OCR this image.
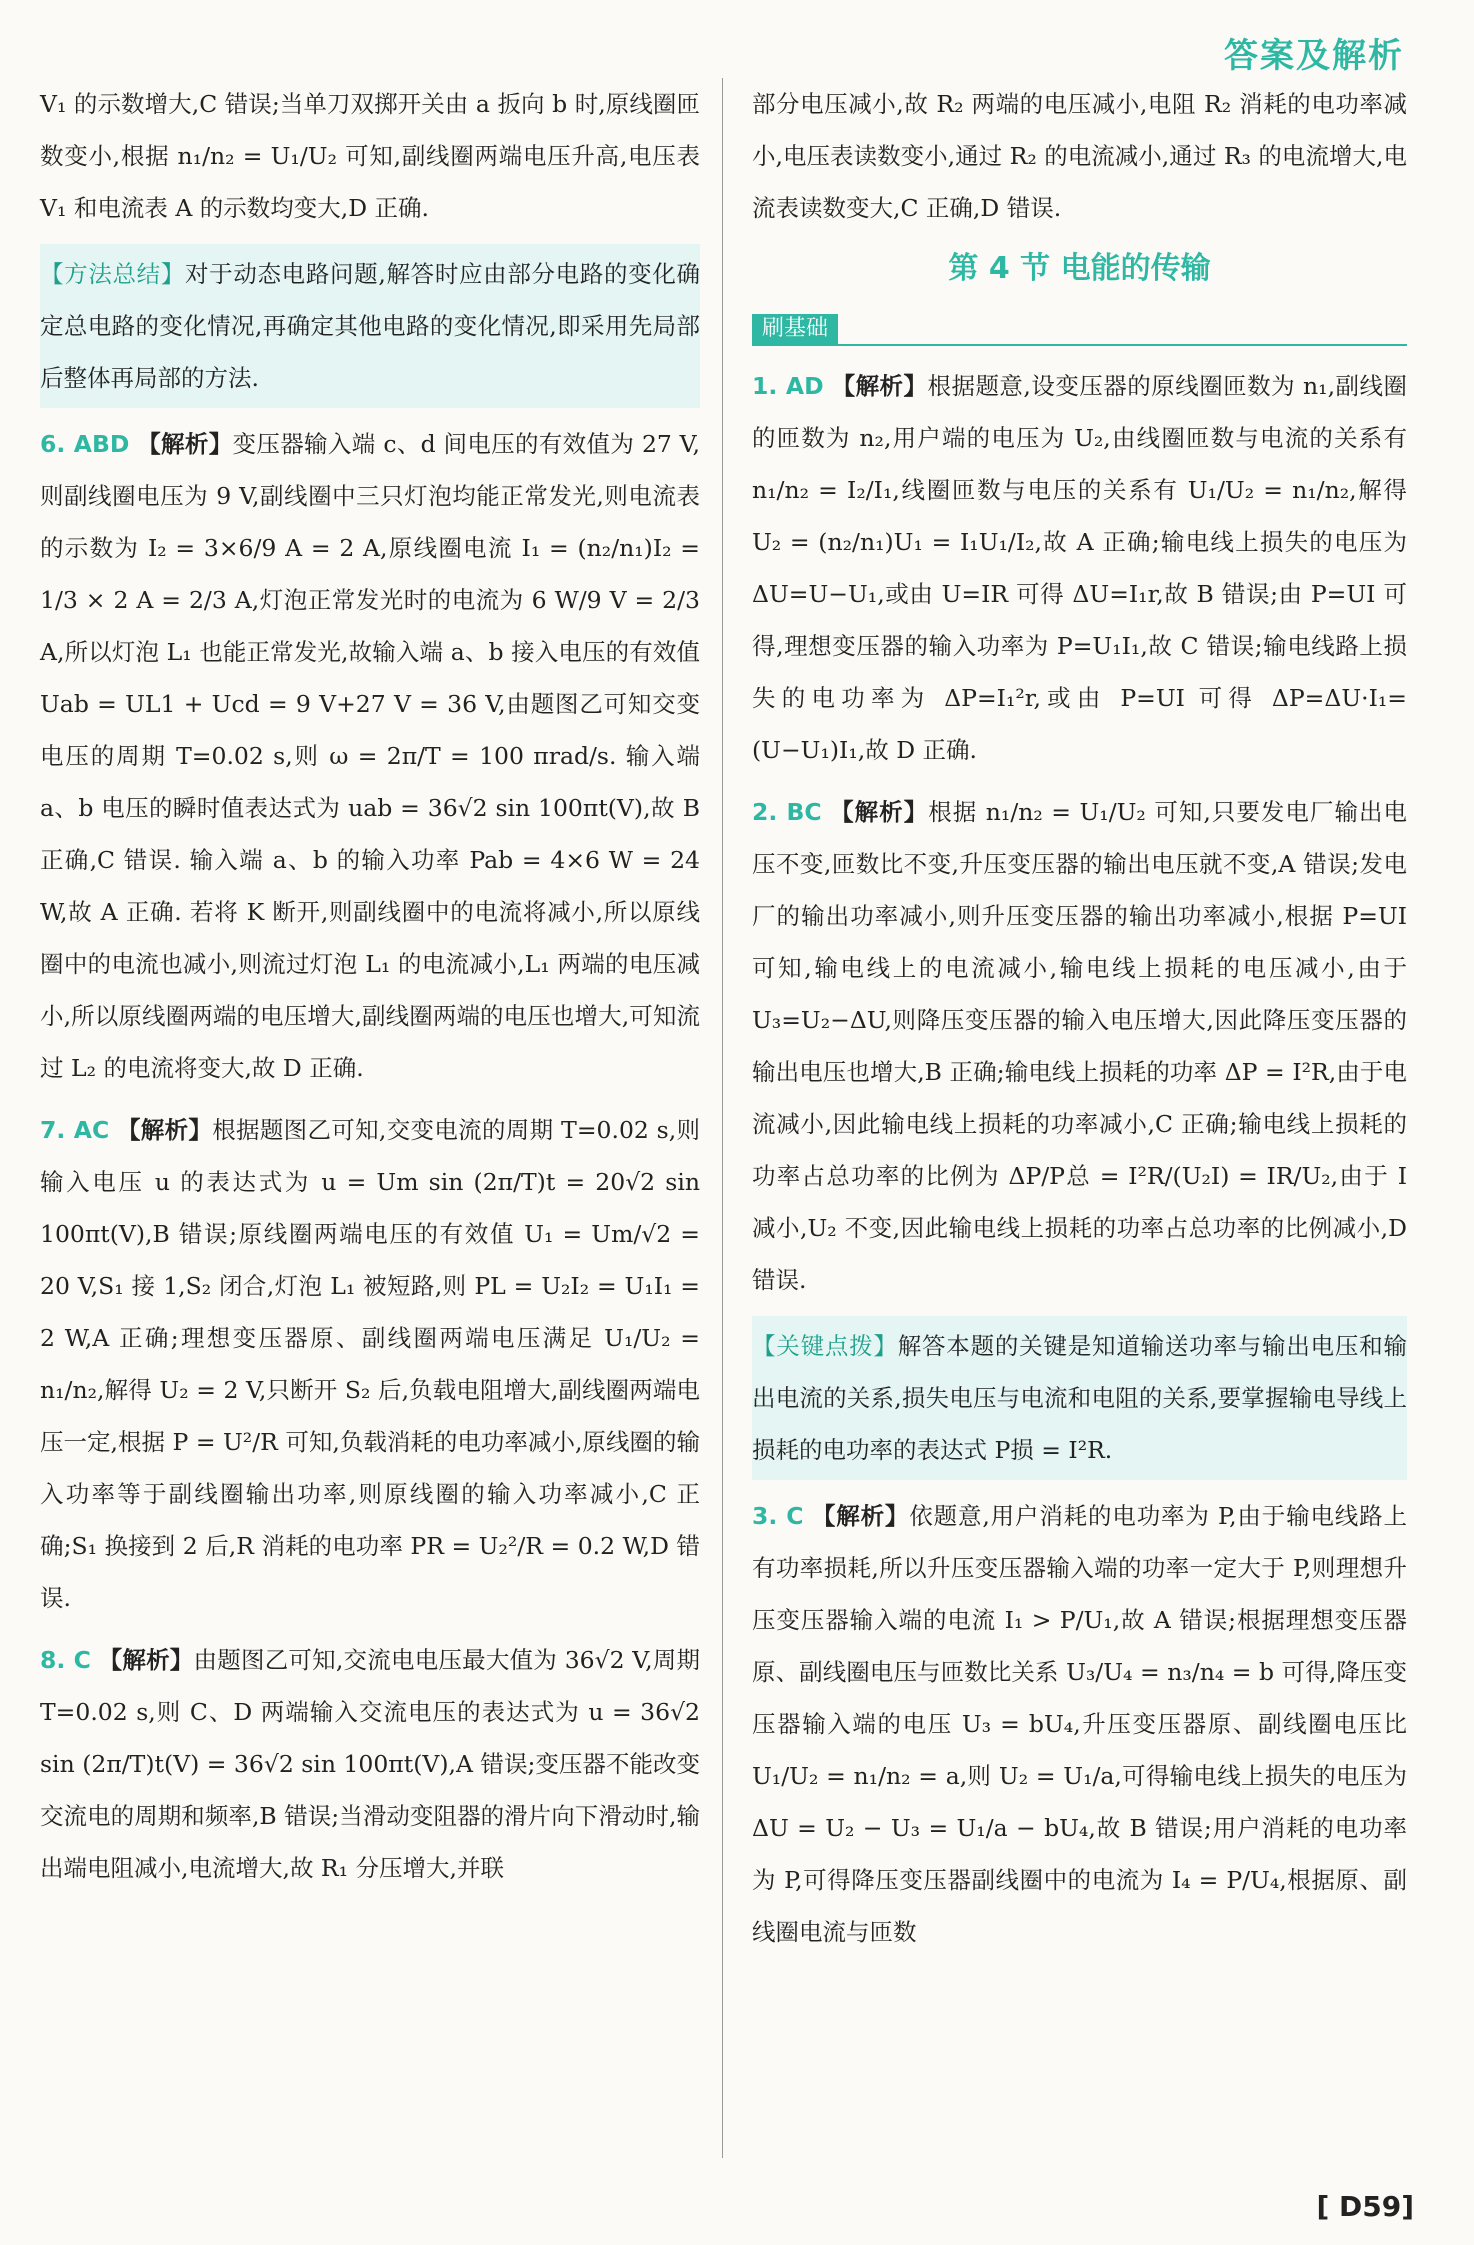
答案及解析

V₁ 的示数增大,C 错误;当单刀双掷开关由 a 扳向 b 时,原线圈匝数变小,根据 n₁/n₂ = U₁/U₂ 可知,副线圈两端电压升高,电压表 V₁ 和电流表 A 的示数均变大,D 正确.

【方法总结】对于动态电路问题,解答时应由部分电路的变化确定总电路的变化情况,再确定其他电路的变化情况,即采用先局部后整体再局部的方法.

6. ABD 【解析】变压器输入端 c、d 间电压的有效值为 27 V,则副线圈电压为 9 V,副线圈中三只灯泡均能正常发光,则电流表的示数为 I₂ = 3×6/9 A = 2 A,原线圈电流 I₁ = (n₂/n₁)I₂ = 1/3 × 2 A = 2/3 A,灯泡正常发光时的电流为 6 W/9 V = 2/3 A,所以灯泡 L₁ 也能正常发光,故输入端 a、b 接入电压的有效值 Uab = UL1 + Ucd = 9 V+27 V = 36 V,由题图乙可知交变电压的周期 T=0.02 s,则 ω = 2π/T = 100 πrad/s. 输入端 a、b 电压的瞬时值表达式为 uab = 36√2 sin 100πt(V),故 B 正确,C 错误. 输入端 a、b 的输入功率 Pab = 4×6 W = 24 W,故 A 正确. 若将 K 断开,则副线圈中的电流将减小,所以原线圈中的电流也减小,则流过灯泡 L₁ 的电流减小,L₁ 两端的电压减小,所以原线圈两端的电压增大,副线圈两端的电压也增大,可知流过 L₂ 的电流将变大,故 D 正确.

7. AC 【解析】根据题图乙可知,交变电流的周期 T=0.02 s,则输入电压 u 的表达式为 u = Um sin (2π/T)t = 20√2 sin 100πt(V),B 错误;原线圈两端电压的有效值 U₁ = Um/√2 = 20 V,S₁ 接 1,S₂ 闭合,灯泡 L₁ 被短路,则 PL = U₂I₂ = U₁I₁ = 2 W,A 正确;理想变压器原、副线圈两端电压满足 U₁/U₂ = n₁/n₂,解得 U₂ = 2 V,只断开 S₂ 后,负载电阻增大,副线圈两端电压一定,根据 P = U²/R 可知,负载消耗的电功率减小,原线圈的输入功率等于副线圈输出功率,则原线圈的输入功率减小,C 正确;S₁ 换接到 2 后,R 消耗的电功率 PR = U₂²/R = 0.2 W,D 错误.

8. C 【解析】由题图乙可知,交流电电压最大值为 36√2 V,周期 T=0.02 s,则 C、D 两端输入交流电压的表达式为 u = 36√2 sin (2π/T)t(V) = 36√2 sin 100πt(V),A 错误;变压器不能改变交流电的周期和频率,B 错误;当滑动变阻器的滑片向下滑动时,输出端电阻减小,电流增大,故 R₁ 分压增大,并联

部分电压减小,故 R₂ 两端的电压减小,电阻 R₂ 消耗的电功率减小,电压表读数变小,通过 R₂ 的电流减小,通过 R₃ 的电流增大,电流表读数变大,C 正确,D 错误.

第 4 节 电能的传输
刷基础

1. AD 【解析】根据题意,设变压器的原线圈匝数为 n₁,副线圈的匝数为 n₂,用户端的电压为 U₂,由线圈匝数与电流的关系有 n₁/n₂ = I₂/I₁,线圈匝数与电压的关系有 U₁/U₂ = n₁/n₂,解得 U₂ = (n₂/n₁)U₁ = I₁U₁/I₂,故 A 正确;输电线上损失的电压为 ΔU=U−U₁,或由 U=IR 可得 ΔU=I₁r,故 B 错误;由 P=UI 可得,理想变压器的输入功率为 P=U₁I₁,故 C 错误;输电线路上损失的电功率为 ΔP=I₁²r,或由 P=UI 可得 ΔP=ΔU·I₁=(U−U₁)I₁,故 D 正确.

2. BC 【解析】根据 n₁/n₂ = U₁/U₂ 可知,只要发电厂输出电压不变,匝数比不变,升压变压器的输出电压就不变,A 错误;发电厂的输出功率减小,则升压变压器的输出功率减小,根据 P=UI 可知,输电线上的电流减小,输电线上损耗的电压减小,由于 U₃=U₂−ΔU,则降压变压器的输入电压增大,因此降压变压器的输出电压也增大,B 正确;输电线上损耗的功率 ΔP = I²R,由于电流减小,因此输电线上损耗的功率减小,C 正确;输电线上损耗的功率占总功率的比例为 ΔP/P总 = I²R/(U₂I) = IR/U₂,由于 I 减小,U₂ 不变,因此输电线上损耗的功率占总功率的比例减小,D 错误.

【关键点拨】解答本题的关键是知道输送功率与输出电压和输出电流的关系,损失电压与电流和电阻的关系,要掌握输电导线上损耗的电功率的表达式 P损 = I²R.

3. C 【解析】依题意,用户消耗的电功率为 P,由于输电线路上有功率损耗,所以升压变压器输入端的功率一定大于 P,则理想升压变压器输入端的电流 I₁ > P/U₁,故 A 错误;根据理想变压器原、副线圈电压与匝数比关系 U₃/U₄ = n₃/n₄ = b 可得,降压变压器输入端的电压 U₃ = bU₄,升压变压器原、副线圈电压比 U₁/U₂ = n₁/n₂ = a,则 U₂ = U₁/a,可得输电线上损失的电压为 ΔU = U₂ − U₃ = U₁/a − bU₄,故 B 错误;用户消耗的电功率为 P,可得降压变压器副线圈中的电流为 I₄ = P/U₄,根据原、副线圈电流与匝数

[ D59]
